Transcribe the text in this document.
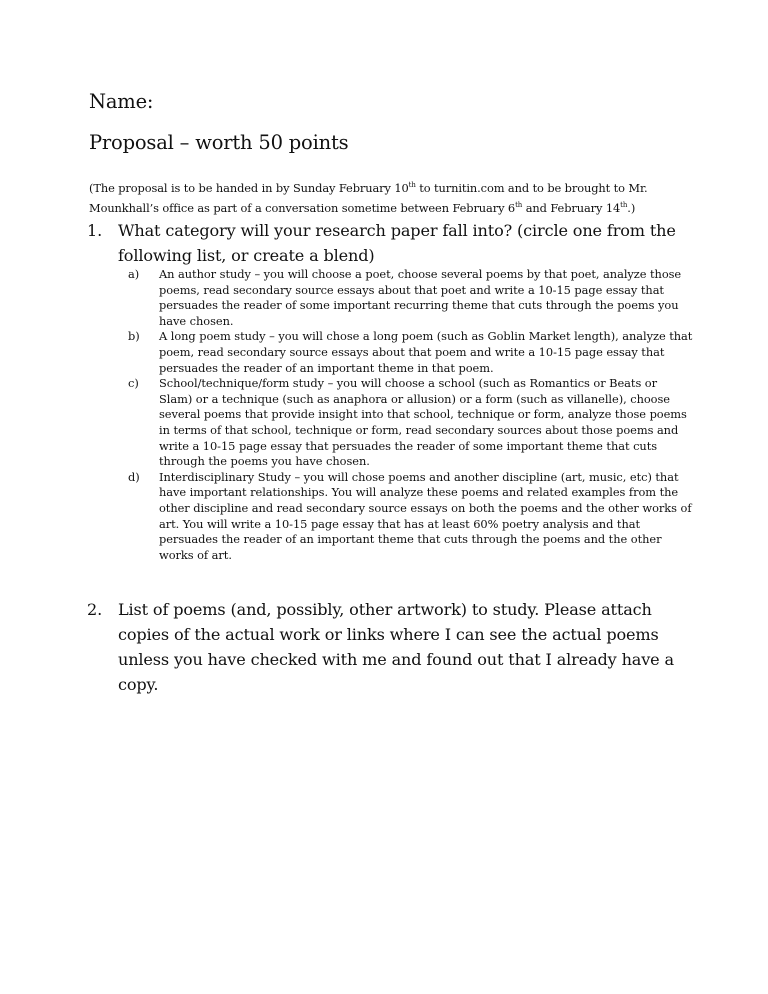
Name:

Proposal – worth 50 points

(The proposal is to be handed in by Sunday February 10th to turnitin.com and to be brought to Mr. Mounkhall’s office as part of a conversation sometime between February 6th and February 14th.)

1. What category will your research paper fall into? (circle one from the following list, or create a blend)
a) An author study – you will choose a poet, choose several poems by that poet, analyze those poems, read secondary source essays about that poet and write a 10-15 page essay that persuades the reader of some important recurring theme that cuts through the poems you have chosen.
b) A long poem study – you will chose a long poem (such as Goblin Market length), analyze that poem, read secondary source essays about that poem and write a 10-15 page essay that persuades the reader of an important theme in that poem.
c) School/technique/form study – you will choose a school (such as Romantics or Beats or Slam) or a technique (such as anaphora or allusion) or a form (such as villanelle), choose several poems that provide insight into that school, technique or form, analyze those poems in terms of that school, technique or form, read secondary sources about those poems and write a 10-15 page essay that persuades the reader of some important theme that cuts through the poems you have chosen.
d) Interdisciplinary Study – you will chose poems and another discipline (art, music, etc) that have important relationships. You will analyze these poems and related examples from the other discipline and read secondary source essays on both the poems and the other works of art. You will write a 10-15 page essay that has at least 60% poetry analysis and that persuades the reader of an important theme that cuts through the poems and the other works of art.
2. List of poems (and, possibly, other artwork) to study. Please attach copies of the actual work or links where I can see the actual poems unless you have checked with me and found out that I already have a copy.
